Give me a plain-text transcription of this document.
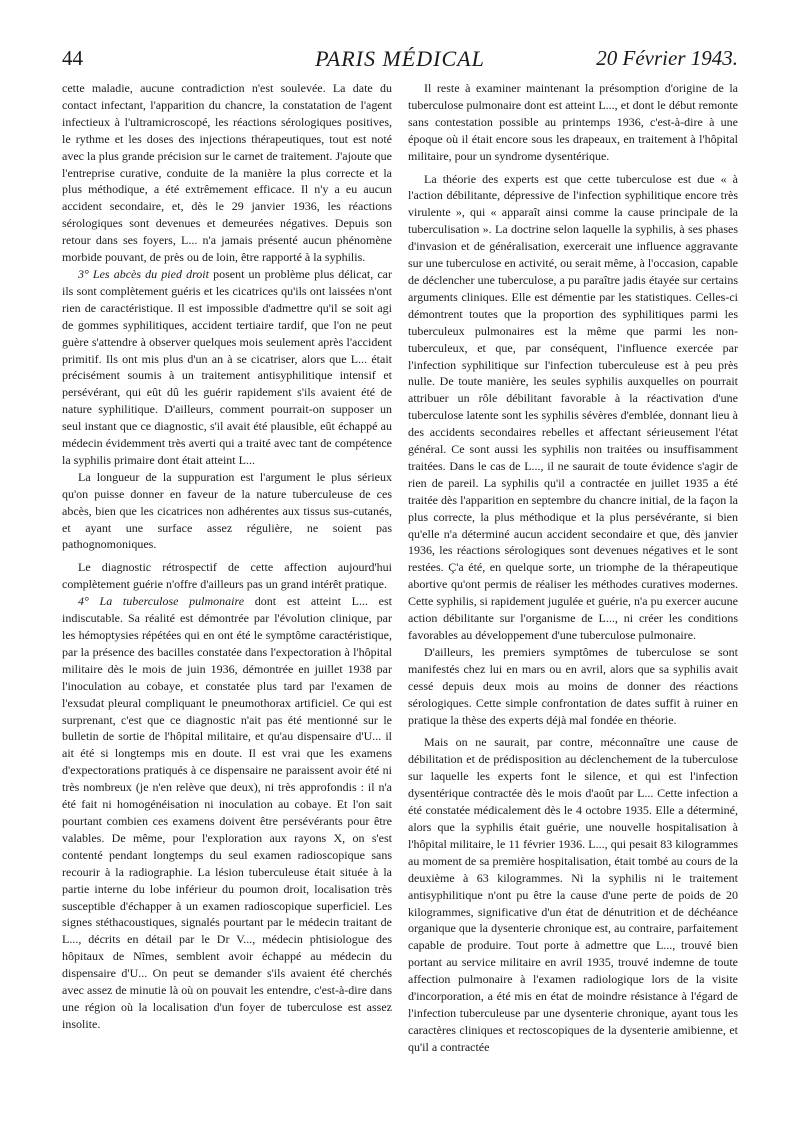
44	PARIS MÉDICAL	20 Février 1943.

cette maladie, aucune contradiction n'est soulevée. La date du contact infectant, l'apparition du chancre, la constatation de l'agent infectieux à l'ultramicroscopé, les réactions sérologiques positives, le rythme et les doses des injections thérapeutiques, tout est noté avec la plus grande précision sur le carnet de traitement. J'ajoute que l'entreprise curative, conduite de la manière la plus correcte et la plus méthodique, a été extrêmement efficace. Il n'y a eu aucun accident secondaire, et, dès le 29 janvier 1936, les réactions sérologiques sont devenues et demeurées négatives. Depuis son retour dans ses foyers, L... n'a jamais présenté aucun phénomène morbide pouvant, de près ou de loin, être rapporté à la syphilis.

3° Les abcès du pied droit posent un problème plus délicat, car ils sont complètement guéris et les cicatrices qu'ils ont laissées n'ont rien de caractéristique. Il est impossible d'admettre qu'il se soit agi de gommes syphilitiques, accident tertiaire tardif, que l'on ne peut guère s'attendre à observer quelques mois seulement après l'accident primitif. Ils ont mis plus d'un an à se cicatriser, alors que L... était précisément soumis à un traitement antisyphilitique intensif et persévérant, qui eût dû les guérir rapidement s'ils avaient été de nature syphilitique. D'ailleurs, comment pourrait-on supposer un seul instant que ce diagnostic, s'il avait été plausible, eût échappé au médecin évidemment très averti qui a traité avec tant de compétence la syphilis primaire dont était atteint L...

La longueur de la suppuration est l'argument le plus sérieux qu'on puisse donner en faveur de la nature tuberculeuse de ces abcès, bien que les cicatrices non adhérentes aux tissus sus-cutanés, et ayant une surface assez régulière, ne soient pas pathognomoniques.

Le diagnostic rétrospectif de cette affection aujourd'hui complètement guérie n'offre d'ailleurs pas un grand intérêt pratique.

4° La tuberculose pulmonaire dont est atteint L... est indiscutable. Sa réalité est démontrée par l'évolution clinique, par les hémoptysies répétées qui en ont été le symptôme caractéristique, par la présence des bacilles constatée dans l'expectoration à l'hôpital militaire dès le mois de juin 1936, démontrée en juillet 1938 par l'inoculation au cobaye, et constatée plus tard par l'examen de l'exsudat pleural compliquant le pneumothorax artificiel. Ce qui est surprenant, c'est que ce diagnostic n'ait pas été mentionné sur le bulletin de sortie de l'hôpital militaire, et qu'au dispensaire d'U... il ait été si longtemps mis en doute. Il est vrai que les examens d'expectorations pratiqués à ce dispensaire ne paraissent avoir été ni très nombreux (je n'en relève que deux), ni très approfondis : il n'a été fait ni homogénéisation ni inoculation au cobaye. Et l'on sait pourtant combien ces examens doivent être persévérants pour être valables. De même, pour l'exploration aux rayons X, on s'est contenté pendant longtemps du seul examen radioscopique sans recourir à la radiographie. La lésion tuberculeuse était située à la partie interne du lobe inférieur du poumon droit, localisation très susceptible d'échapper à un examen radioscopique superficiel. Les signes stéthacoustiques, signalés pourtant par le médecin traitant de L..., décrits en détail par le Dr V..., médecin phtisiologue des hôpitaux de Nîmes, semblent avoir échappé au médecin du dispensaire d'U... On peut se demander s'ils avaient été cherchés avec assez de minutie là où on pouvait les entendre, c'est-à-dire dans une région où la localisation d'un foyer de tuberculose est assez insolite.

Il reste à examiner maintenant la présomption d'origine de la tuberculose pulmonaire dont est atteint L..., et dont le début remonte sans contestation possible au printemps 1936, c'est-à-dire à une époque où il était encore sous les drapeaux, en traitement à l'hôpital militaire, pour un syndrome dysentérique.

La théorie des experts est que cette tuberculose est due « à l'action débilitante, dépressive de l'infection syphilitique encore très virulente », qui « apparaît ainsi comme la cause principale de la tuberculisation ». La doctrine selon laquelle la syphilis, à ses phases d'invasion et de généralisation, exercerait une influence aggravante sur une tuberculose en activité, ou serait même, à l'occasion, capable de déclencher une tuberculose, a pu paraître jadis étayée sur certains arguments cliniques. Elle est démentie par les statistiques. Celles-ci démontrent toutes que la proportion des syphilitiques parmi les tuberculeux pulmonaires est la même que parmi les non-tuberculeux, et que, par conséquent, l'influence exercée par l'infection syphilitique sur l'infection tuberculeuse est à peu près nulle. De toute manière, les seules syphilis auxquelles on pourrait attribuer un rôle débilitant favorable à la réactivation d'une tuberculose latente sont les syphilis sévères d'emblée, donnant lieu à des accidents secondaires rebelles et affectant sérieusement l'état général. Ce sont aussi les syphilis non traitées ou insuffisamment traitées. Dans le cas de L..., il ne saurait de toute évidence s'agir de rien de pareil. La syphilis qu'il a contractée en juillet 1935 a été traitée dès l'apparition en septembre du chancre initial, de la façon la plus correcte, la plus méthodique et la plus persévérante, si bien qu'elle n'a déterminé aucun accident secondaire et que, dès janvier 1936, les réactions sérologiques sont devenues négatives et le sont restées. Ç'a été, en quelque sorte, un triomphe de la thérapeutique abortive qu'ont permis de réaliser les méthodes curatives modernes. Cette syphilis, si rapidement jugulée et guérie, n'a pu exercer aucune action débilitante sur l'organisme de L..., ni créer les conditions favorables au développement d'une tuberculose pulmonaire.

D'ailleurs, les premiers symptômes de tuberculose se sont manifestés chez lui en mars ou en avril, alors que sa syphilis avait cessé depuis deux mois au moins de donner des réactions sérologiques. Cette simple confrontation de dates suffit à ruiner en pratique la thèse des experts déjà mal fondée en théorie.

Mais on ne saurait, par contre, méconnaître une cause de débilitation et de prédisposition au déclenchement de la tuberculose sur laquelle les experts font le silence, et qui est l'infection dysentérique contractée dès le mois d'août par L... Cette infection a été constatée médicalement dès le 4 octobre 1935. Elle a déterminé, alors que la syphilis était guérie, une nouvelle hospitalisation à l'hôpital militaire, le 11 février 1936. L..., qui pesait 83 kilogrammes au moment de sa première hospitalisation, était tombé au cours de la deuxième à 63 kilogrammes. Ni la syphilis ni le traitement antisyphilitique n'ont pu être la cause d'une perte de poids de 20 kilogrammes, significative d'un état de dénutrition et de déchéance organique que la dysenterie chronique est, au contraire, parfaitement capable de produire. Tout porte à admettre que L..., trouvé bien portant au service militaire en avril 1935, trouvé indemne de toute affection pulmonaire à l'examen radiologique lors de la visite d'incorporation, a été mis en état de moindre résistance à l'égard de l'infection tuberculeuse par une dysenterie chronique, ayant tous les caractères cliniques et rectoscopiques de la dysenterie amibienne, et qu'il a contractée
